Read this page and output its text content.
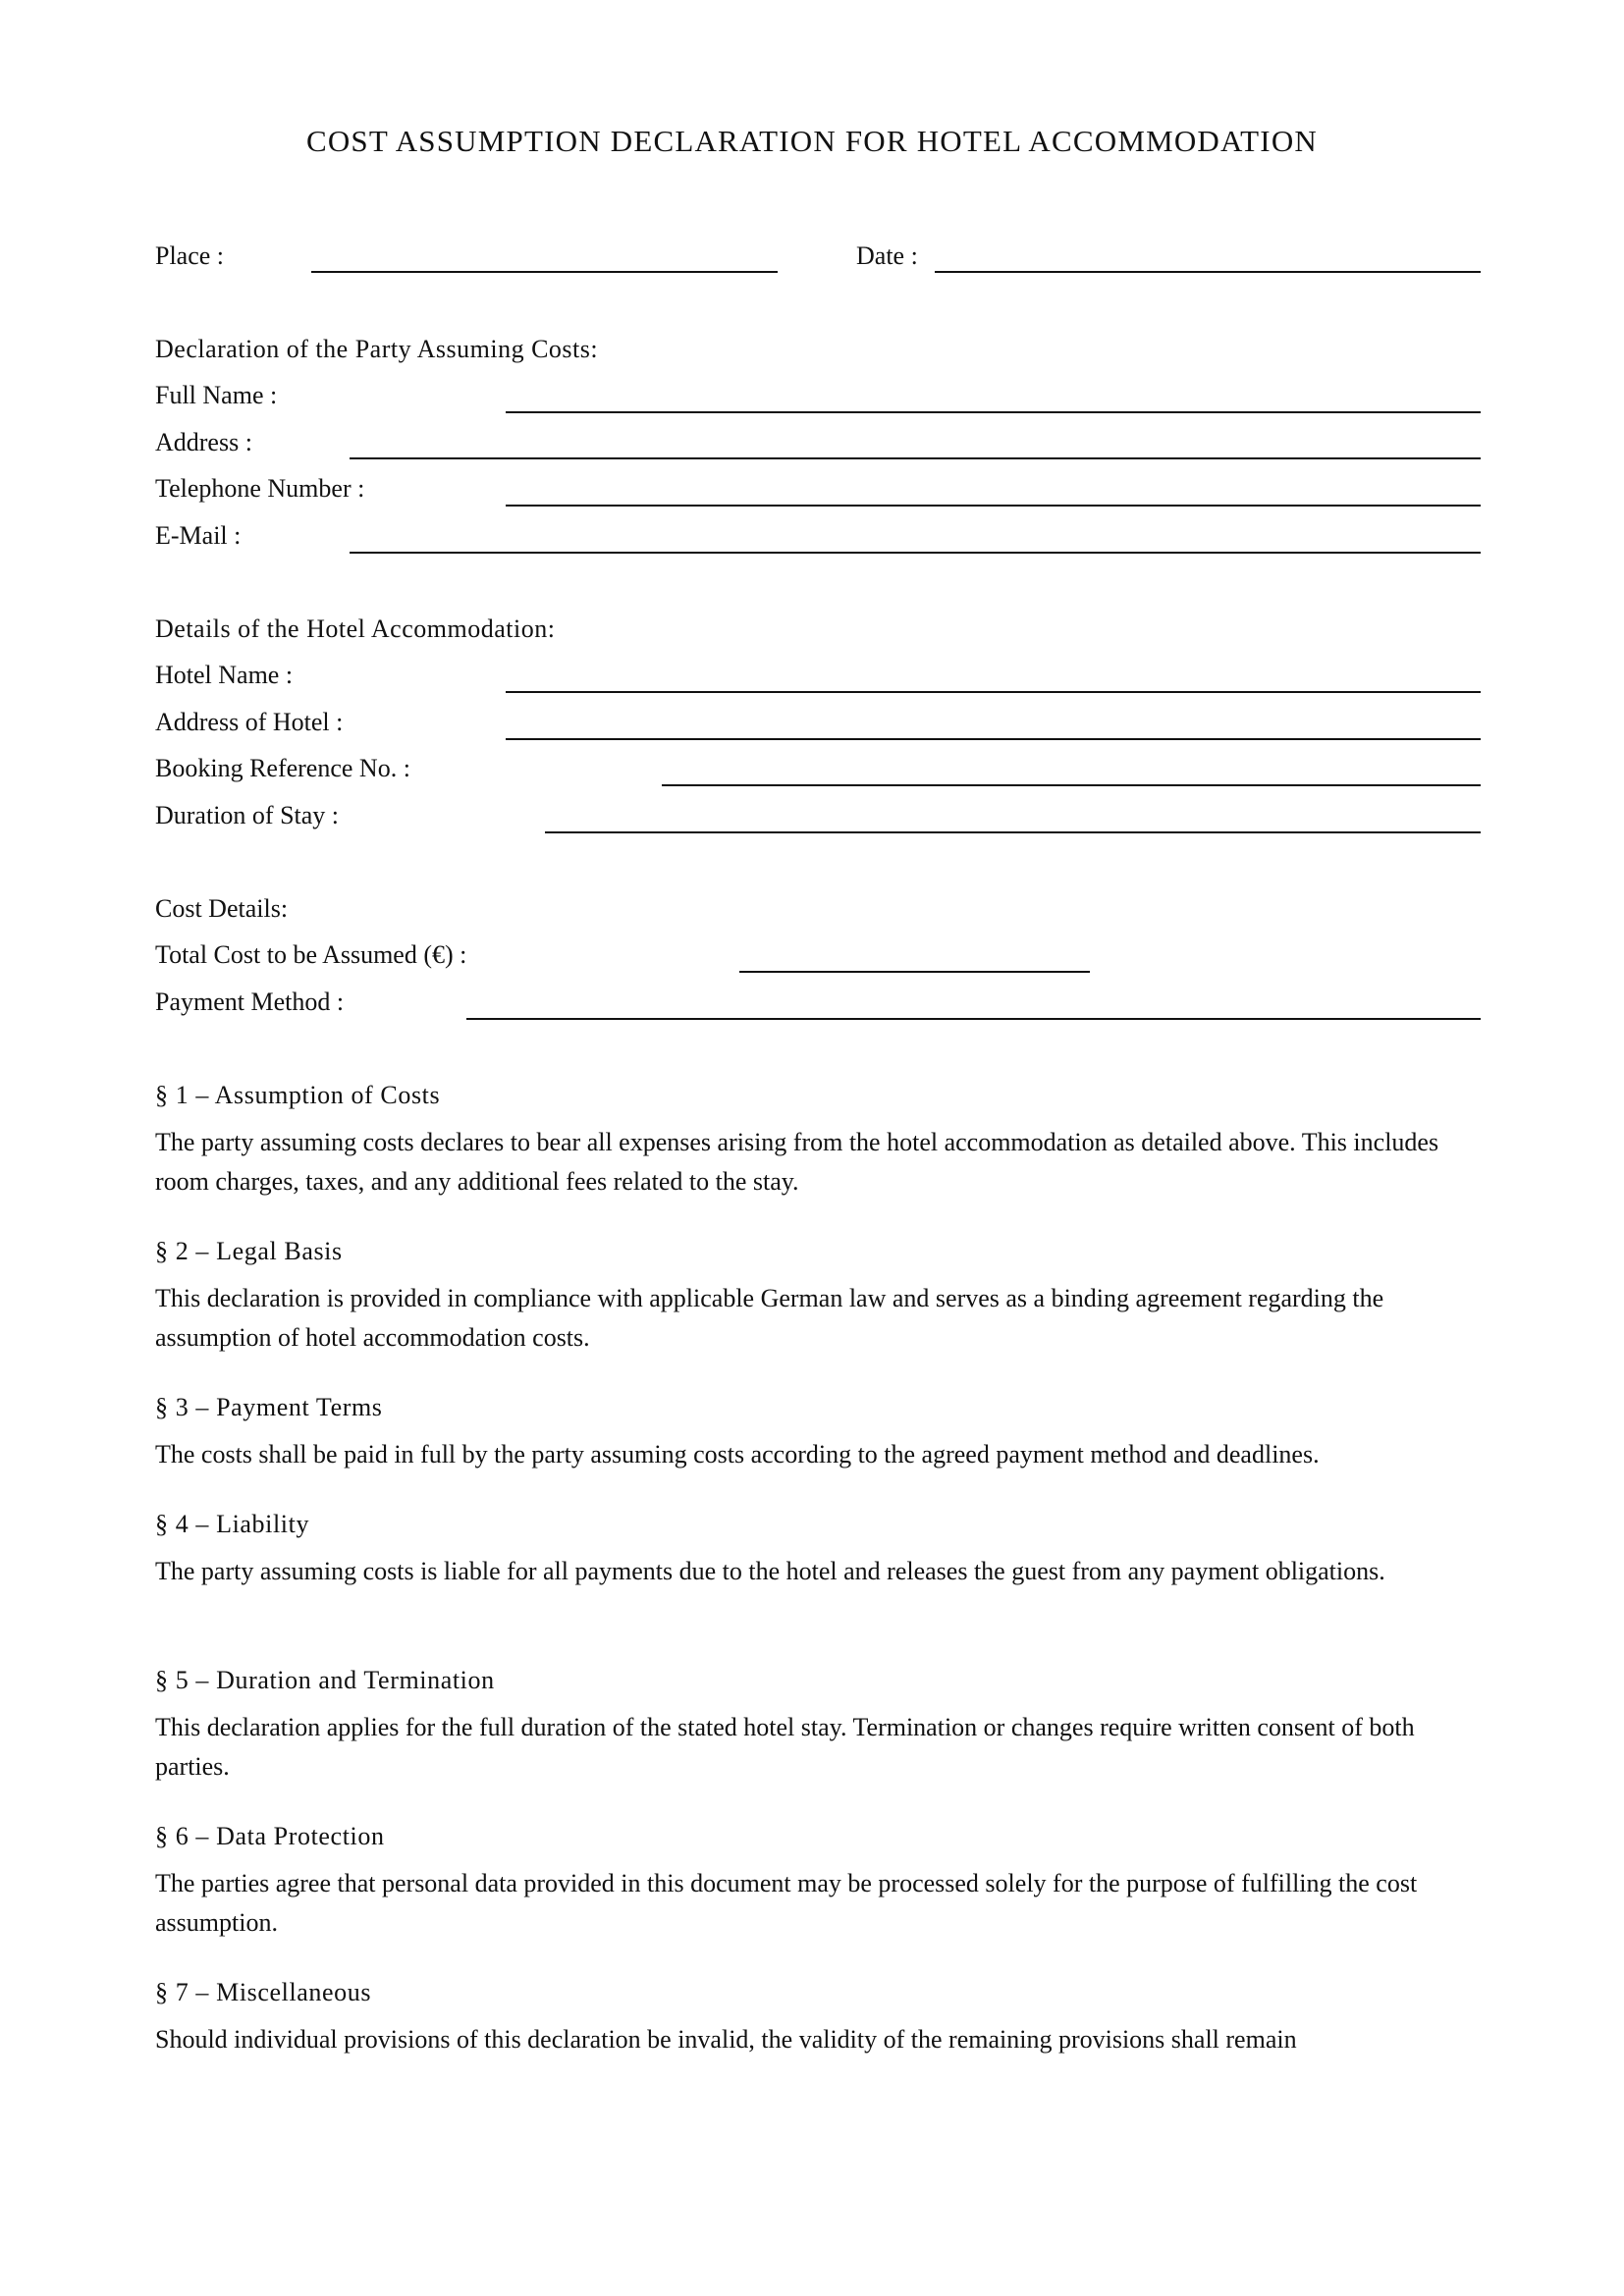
COST ASSUMPTION DECLARATION FOR HOTEL ACCOMMODATION
Place :	Date :
Declaration of the Party Assuming Costs:
Full Name :
Address :
Telephone Number :
E-Mail :
Details of the Hotel Accommodation:
Hotel Name :
Address of Hotel :
Booking Reference No. :
Duration of Stay :
Cost Details:
Total Cost to be Assumed (€) :
Payment Method :
§ 1 – Assumption of Costs
The party assuming costs declares to bear all expenses arising from the hotel accommodation as detailed above. This includes room charges, taxes, and any additional fees related to the stay.
§ 2 – Legal Basis
This declaration is provided in compliance with applicable German law and serves as a binding agreement regarding the assumption of hotel accommodation costs.
§ 3 – Payment Terms
The costs shall be paid in full by the party assuming costs according to the agreed payment method and deadlines.
§ 4 – Liability
The party assuming costs is liable for all payments due to the hotel and releases the guest from any payment obligations.
§ 5 – Duration and Termination
This declaration applies for the full duration of the stated hotel stay. Termination or changes require written consent of both parties.
§ 6 – Data Protection
The parties agree that personal data provided in this document may be processed solely for the purpose of fulfilling the cost assumption.
§ 7 – Miscellaneous
Should individual provisions of this declaration be invalid, the validity of the remaining provisions shall remain
